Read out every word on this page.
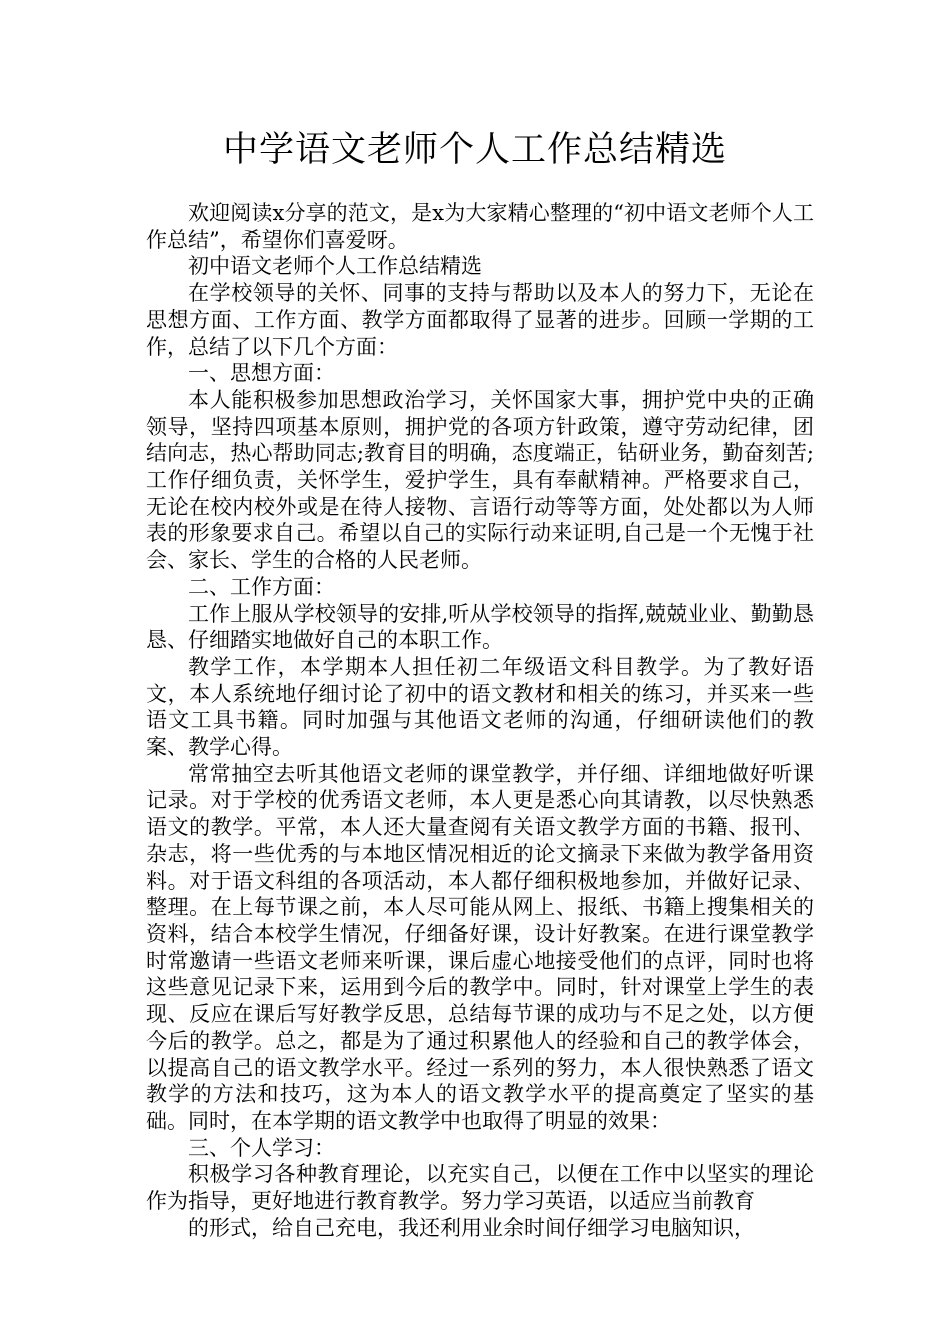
中学语文老师个人工作总结精选

欢迎阅读x分享的范文，是x为大家精心整理的“初中语文老师个人工作总结”，希望你们喜爱呀。

初中语文老师个人工作总结精选

在学校领导的关怀、同事的支持与帮助以及本人的努力下，无论在思想方面、工作方面、教学方面都取得了显著的进步。回顾一学期的工作，总结了以下几个方面：

一、思想方面：

本人能积极参加思想政治学习，关怀国家大事，拥护党中央的正确领导，坚持四项基本原则，拥护党的各项方针政策，遵守劳动纪律，团结向志，热心帮助同志;教育目的明确，态度端正，钻研业务，勤奋刻苦;工作仔细负责，关怀学生，爱护学生，具有奉献精神。严格要求自己，无论在校内校外或是在待人接物、言语行动等等方面，处处都以为人师表的形象要求自己。希望以自己的实际行动来证明,自己是一个无愧于社会、家长、学生的合格的人民老师。

二、工作方面：

工作上服从学校领导的安排,听从学校领导的指挥,兢兢业业、勤勤恳恳、仔细踏实地做好自己的本职工作。

教学工作，本学期本人担任初二年级语文科目教学。为了教好语文，本人系统地仔细讨论了初中的语文教材和相关的练习，并买来一些语文工具书籍。同时加强与其他语文老师的沟通，仔细研读他们的教案、教学心得。

常常抽空去听其他语文老师的课堂教学，并仔细、详细地做好听课记录。对于学校的优秀语文老师，本人更是悉心向其请教，以尽快熟悉语文的教学。平常，本人还大量查阅有关语文教学方面的书籍、报刊、杂志，将一些优秀的与本地区情况相近的论文摘录下来做为教学备用资料。对于语文科组的各项活动，本人都仔细积极地参加，并做好记录、整理。在上每节课之前，本人尽可能从网上、报纸、书籍上搜集相关的资料，结合本校学生情况，仔细备好课，设计好教案。在进行课堂教学时常邀请一些语文老师来听课，课后虚心地接受他们的点评，同时也将这些意见记录下来，运用到今后的教学中。同时，针对课堂上学生的表现、反应在课后写好教学反思，总结每节课的成功与不足之处，以方便今后的教学。总之，都是为了通过积累他人的经验和自己的教学体会，以提高自己的语文教学水平。经过一系列的努力，本人很快熟悉了语文教学的方法和技巧，这为本人的语文教学水平的提高奠定了坚实的基础。同时，在本学期的语文教学中也取得了明显的效果：

三、个人学习：

积极学习各种教育理论，以充实自己，以便在工作中以坚实的理论作为指导，更好地进行教育教学。努力学习英语，以适应当前教育

的形式，给自己充电，我还利用业余时间仔细学习电脑知识，
